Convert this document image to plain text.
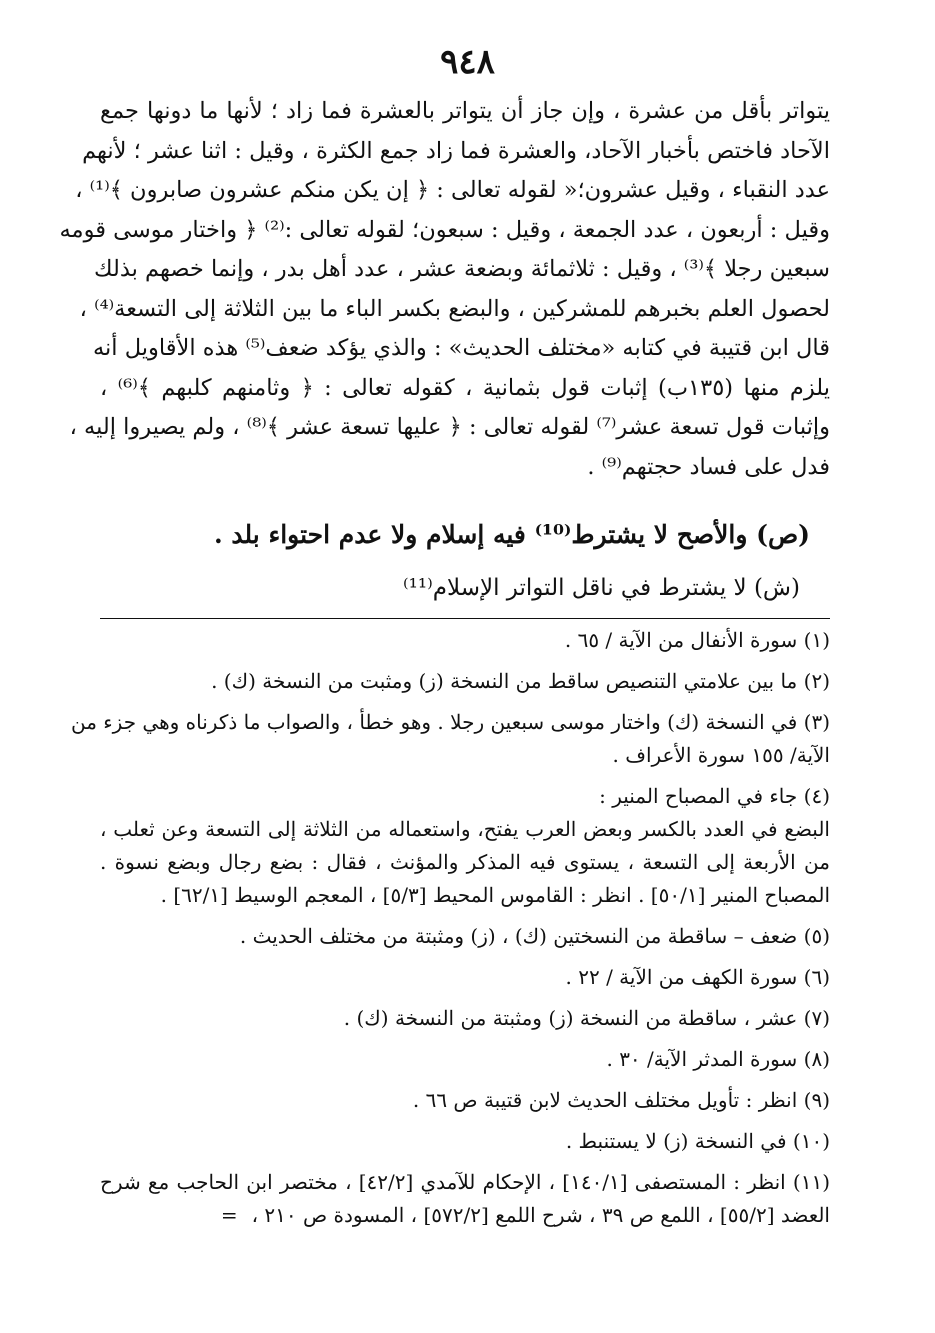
٩٤٨
يتواتر بأقل من عشرة ، وإن جاز أن يتواتر بالعشرة فما زاد ؛ لأنها ما دونها جمع
الآحاد فاختص بأخبار الآحاد، والعشرة فما زاد جمع الكثرة ، وقيل : اثنا عشر ؛ لأنهم
عدد النقباء ، وقيل عشرون؛« لقوله تعالى : ﴿ إن يكن منكم عشرون صابرون ﴾⁽¹⁾ ،
وقيل : أربعون ، عدد الجمعة ، وقيل : سبعون؛ لقوله تعالى :⁽²⁾ ﴿ واختار موسى قومه
سبعين رجلا ﴾⁽³⁾ ، وقيل : ثلاثمائة وبضعة عشر ، عدد أهل بدر ، وإنما خصهم بذلك
لحصول العلم بخبرهم للمشركين ، والبضع بكسر الباء ما بين الثلاثة إلى التسعة⁽⁴⁾ ،
قال ابن قتيبة في كتابه «مختلف الحديث» : والذي يؤكد ضعف⁽⁵⁾ هذه الأقاويل أنه
يلزم منها (١٣٥ب) إثبات قول بثمانية ، كقوله تعالى : ﴿ وثامنهم كلبهم ﴾⁽⁶⁾ ،
وإثبات قول تسعة عشر⁽⁷⁾ لقوله تعالى : ﴿ عليها تسعة عشر ﴾⁽⁸⁾ ، ولم يصيروا إليه ،
فدل على فساد حجتهم⁽⁹⁾ .
(ص) والأصح لا يشترط⁽¹⁰⁾ فيه إسلام ولا عدم احتواء بلد .
(ش) لا يشترط في ناقل التواتر الإسلام⁽¹¹⁾
(١) سورة الأنفال من الآية / ٦٥ .
(٢) ما بين علامتي التنصيص ساقط من النسخة (ز) ومثبت من النسخة (ك) .
(٣) في النسخة (ك) واختار موسى سبعين رجلا . وهو خطأ ، والصواب ما ذكرناه وهي جزء من
الآية/ ١٥٥ سورة الأعراف .
(٤) جاء في المصباح المنير :
البضع في العدد بالكسر وبعض العرب يفتح، واستعماله من الثلاثة إلى التسعة وعن ثعلب ،
من الأربعة إلى التسعة ، يستوى فيه المذكر والمؤنث ، فقال : بضع رجال وبضع نسوة .
المصباح المنير [٥٠/١] . انظر : القاموس المحيط [٥/٣] ، المعجم الوسيط [٦٢/١] .
(٥) ضعف – ساقطة من النسختين (ك) ، (ز) ومثبتة من مختلف الحديث .
(٦) سورة الكهف من الآية / ٢٢ .
(٧) عشر ، ساقطة من النسخة (ز) ومثبتة من النسخة (ك) .
(٨) سورة المدثر الآية/ ٣٠ .
(٩) انظر : تأويل مختلف الحديث لابن قتيبة ص ٦٦ .
(١٠) في النسخة (ز) لا يستنبط .
(١١) انظر : المستصفى [١٤٠/١] ، الإحكام للآمدي [٤٢/٢] ، مختصر ابن الحاجب مع شرح
العضد [٥٥/٢] ، اللمع ص ٣٩ ، شرح اللمع [٥٧٢/٢] ، المسودة ص ٢١٠ ،=
